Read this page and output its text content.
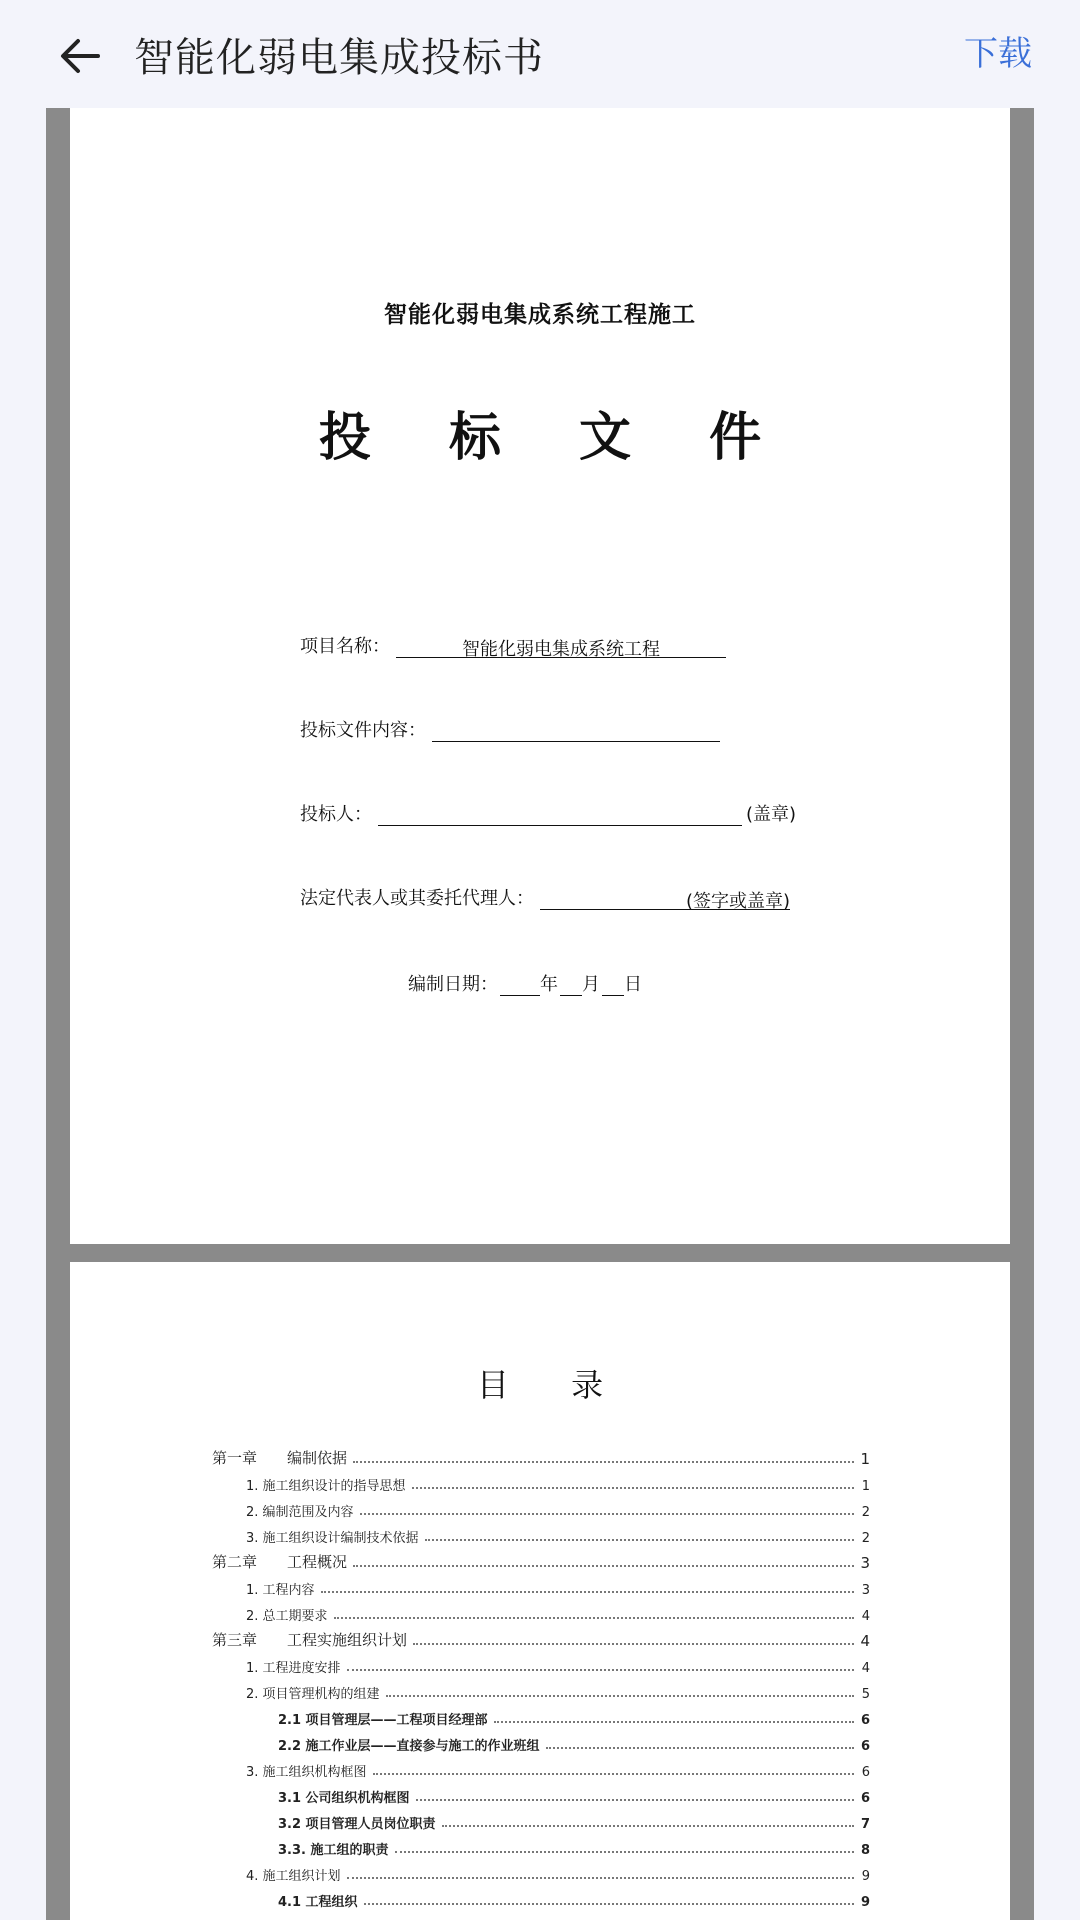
智能化弱电集成投标书	下载
智能化弱电集成系统工程施工
投 标 文 件
项目名称：	智能化弱电集成系统工程
投标文件内容：
投标人：	(盖章)
法定代表人或其委托代理人：	(签字或盖章)
编制日期： 年 月 日
目 录
第一章　　编制依据	1
1. 施工组织设计的指导思想	1
2. 编制范围及内容	2
3. 施工组织设计编制技术依据	2
第二章　　工程概况	3
1. 工程内容	3
2. 总工期要求	4
第三章　　工程实施组织计划	4
1. 工程进度安排	4
2. 项目管理机构的组建	5
2.1 项目管理层——工程项目经理部	6
2.2 施工作业层——直接参与施工的作业班组	6
3. 施工组织机构框图	6
3.1 公司组织机构框图	6
3.2 项目管理人员岗位职责	7
3.3. 施工组的职责	8
4. 施工组织计划	9
4.1 工程组织	9
